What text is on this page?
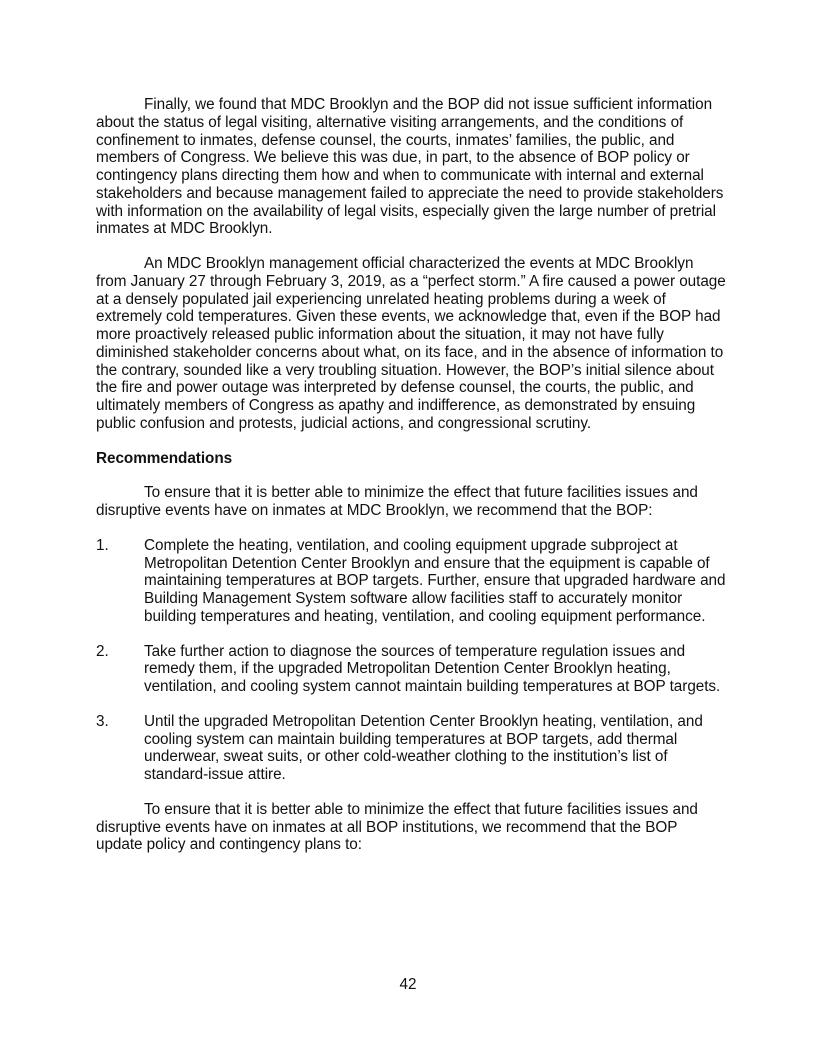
Finally, we found that MDC Brooklyn and the BOP did not issue sufficient information about the status of legal visiting, alternative visiting arrangements, and the conditions of confinement to inmates, defense counsel, the courts, inmates’ families, the public, and members of Congress. We believe this was due, in part, to the absence of BOP policy or contingency plans directing them how and when to communicate with internal and external stakeholders and because management failed to appreciate the need to provide stakeholders with information on the availability of legal visits, especially given the large number of pretrial inmates at MDC Brooklyn.

An MDC Brooklyn management official characterized the events at MDC Brooklyn from January 27 through February 3, 2019, as a “perfect storm.” A fire caused a power outage at a densely populated jail experiencing unrelated heating problems during a week of extremely cold temperatures. Given these events, we acknowledge that, even if the BOP had more proactively released public information about the situation, it may not have fully diminished stakeholder concerns about what, on its face, and in the absence of information to the contrary, sounded like a very troubling situation. However, the BOP’s initial silence about the fire and power outage was interpreted by defense counsel, the courts, the public, and ultimately members of Congress as apathy and indifference, as demonstrated by ensuing public confusion and protests, judicial actions, and congressional scrutiny.

Recommendations

To ensure that it is better able to minimize the effect that future facilities issues and disruptive events have on inmates at MDC Brooklyn, we recommend that the BOP:

1. Complete the heating, ventilation, and cooling equipment upgrade subproject at Metropolitan Detention Center Brooklyn and ensure that the equipment is capable of maintaining temperatures at BOP targets. Further, ensure that upgraded hardware and Building Management System software allow facilities staff to accurately monitor building temperatures and heating, ventilation, and cooling equipment performance.
2. Take further action to diagnose the sources of temperature regulation issues and remedy them, if the upgraded Metropolitan Detention Center Brooklyn heating, ventilation, and cooling system cannot maintain building temperatures at BOP targets.
3. Until the upgraded Metropolitan Detention Center Brooklyn heating, ventilation, and cooling system can maintain building temperatures at BOP targets, add thermal underwear, sweat suits, or other cold-weather clothing to the institution’s list of standard-issue attire.

To ensure that it is better able to minimize the effect that future facilities issues and disruptive events have on inmates at all BOP institutions, we recommend that the BOP update policy and contingency plans to:

42
